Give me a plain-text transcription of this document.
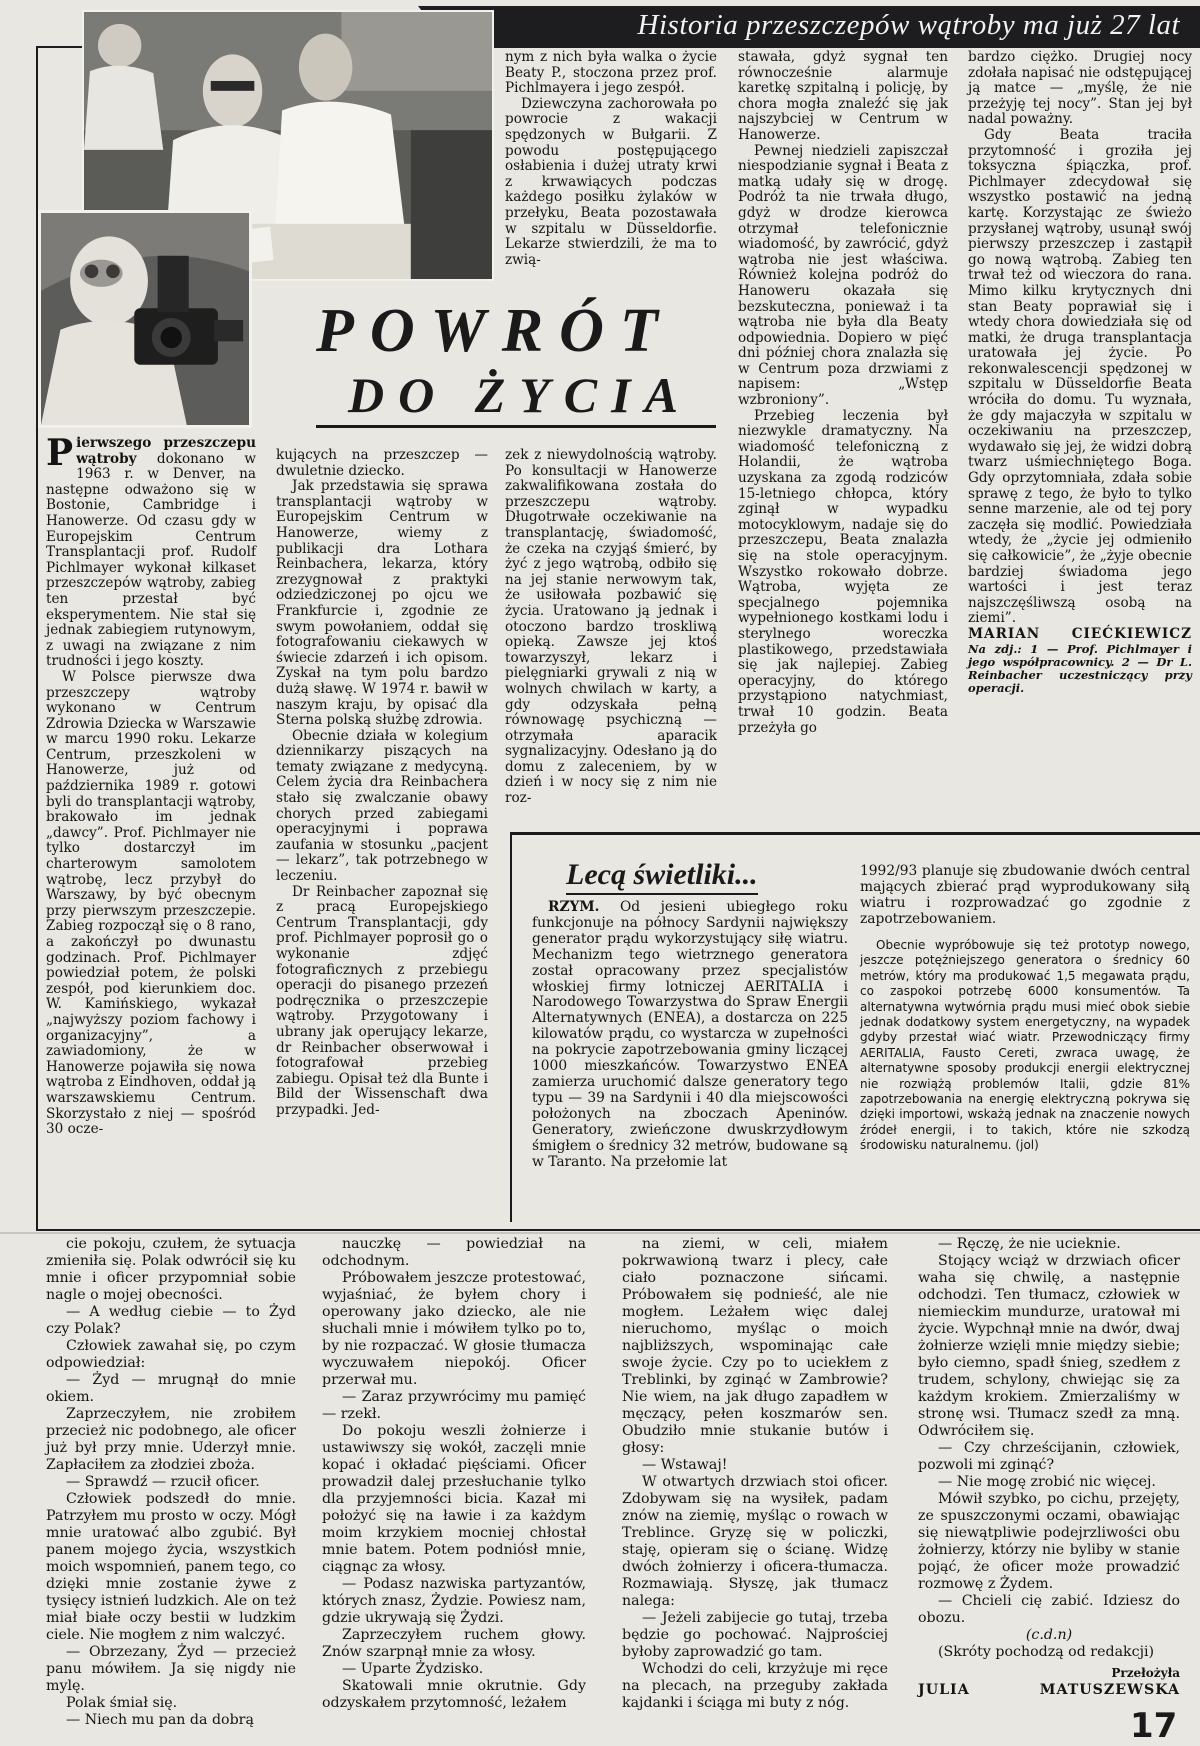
Historia przeszczepów wątroby ma już 27 lat
POWRÓT
DO ŻYCIA

Pierwszego przeszczepu wątroby dokonano w 1963 r. w Denver, na następne odważono się w Bostonie, Cambridge i Hanowerze. Od czasu gdy w Europejskim Centrum Transplantacji prof. Rudolf Pichlmayer wykonał kilkaset przeszczepów wątroby, zabieg ten przestał być eksperymentem. Nie stał się jednak zabiegiem rutynowym, z uwagi na związane z nim trudności i jego koszty.

W Polsce pierwsze dwa przeszczepy wątroby wykonano w Centrum Zdrowia Dziecka w Warszawie w marcu 1990 roku. Lekarze Centrum, przeszkoleni w Hanowerze, już od października 1989 r. gotowi byli do transplantacji wątroby, brakowało im jednak „dawcy”. Prof. Pichlmayer nie tylko dostarczył im charterowym samolotem wątrobę, lecz przybył do Warszawy, by być obecnym przy pierwszym przeszczepie. Zabieg rozpoczął się o 8 rano, a zakończył po dwunastu godzinach. Prof. Pichlmayer powiedział potem, że polski zespół, pod kierunkiem doc. W. Kamińskiego, wykazał „najwyższy poziom fachowy i organizacyjny”, a zawiadomiony, że w Hanowerze pojawiła się nowa wątroba z Eindhoven, oddał ją warszawskiemu Centrum. Skorzystało z niej — spośród 30 ocze-

kujących na przeszczep — dwuletnie dziecko.

Jak przedstawia się sprawa transplantacji wątroby w Europejskim Centrum w Hanowerze, wiemy z publikacji dra Lothara Reinbachera, lekarza, który zrezygnował z praktyki odziedziczonej po ojcu we Frankfurcie i, zgodnie ze swym powołaniem, oddał się fotografowaniu ciekawych w świecie zdarzeń i ich opisom. Zyskał na tym polu bardzo dużą sławę. W 1974 r. bawił w naszym kraju, by opisać dla Sterna polską służbę zdrowia.

Obecnie działa w kolegium dziennikarzy piszących na tematy związane z medycyną. Celem życia dra Reinbachera stało się zwalczanie obawy chorych przed zabiegami operacyjnymi i poprawa zaufania w stosunku „pacjent — lekarz”, tak potrzebnego w leczeniu.

Dr Reinbacher zapoznał się z pracą Europejskiego Centrum Transplantacji, gdy prof. Pichlmayer poprosił go o wykonanie zdjęć fotograficznych z przebiegu operacji do pisanego przezeń podręcznika o przeszczepie wątroby. Przygotowany i ubrany jak operujący lekarze, dr Reinbacher obserwował i fotografował przebieg zabiegu. Opisał też dla Bunte i Bild der Wissenschaft dwa przypadki. Jed-

nym z nich była walka o życie Beaty P., stoczona przez prof. Pichlmayera i jego zespół.

Dziewczyna zachorowała po powrocie z wakacji spędzonych w Bułgarii. Z powodu postępującego osłabienia i dużej utraty krwi z krwawiących podczas każdego posiłku żylaków w przełyku, Beata pozostawała w szpitalu w Düsseldorfie. Lekarze stwierdzili, że ma to zwią-

zek z niewydolnością wątroby. Po konsultacji w Hanowerze zakwalifikowana została do przeszczepu wątroby. Długotrwałe oczekiwanie na transplantację, świadomość, że czeka na czyjąś śmierć, by żyć z jego wątrobą, odbiło się na jej stanie nerwowym tak, że usiłowała pozbawić się życia. Uratowano ją jednak i otoczono bardzo troskliwą opieką. Zawsze jej ktoś towarzyszył, lekarz i pielęgniarki grywali z nią w wolnych chwilach w karty, a gdy odzyskała pełną równowagę psychiczną — otrzymała aparacik sygnalizacyjny. Odesłano ją do domu z zaleceniem, by w dzień i w nocy się z nim nie roz-

stawała, gdyż sygnał ten równocześnie alarmuje karetkę szpitalną i policję, by chora mogła znaleźć się jak najszybciej w Centrum w Hanowerze.

Pewnej niedzieli zapiszczał niespodzianie sygnał i Beata z matką udały się w drogę. Podróż ta nie trwała długo, gdyż w drodze kierowca otrzymał telefonicznie wiadomość, by zawrócić, gdyż wątroba nie jest właściwa. Również kolejna podróż do Hanoweru okazała się bezskuteczna, ponieważ i ta wątroba nie była dla Beaty odpowiednia. Dopiero w pięć dni później chora znalazła się w Centrum poza drzwiami z napisem: „Wstęp wzbroniony”.

Przebieg leczenia był niezwykle dramatyczny. Na wiadomość telefoniczną z Holandii, że wątroba uzyskana za zgodą rodziców 15-letniego chłopca, który zginął w wypadku motocyklowym, nadaje się do przeszczepu, Beata znalazła się na stole operacyjnym. Wszystko rokowało dobrze. Wątroba, wyjęta ze specjalnego pojemnika wypełnionego kostkami lodu i sterylnego woreczka plastikowego, przedstawiała się jak najlepiej. Zabieg operacyjny, do którego przystąpiono natychmiast, trwał 10 godzin. Beata przeżyła go

bardzo ciężko. Drugiej nocy zdołała napisać nie odstępującej ją matce — „myślę, że nie przeżyję tej nocy”. Stan jej był nadal poważny.

Gdy Beata traciła przytomność i groziła jej toksyczna śpiączka, prof. Pichlmayer zdecydował się wszystko postawić na jedną kartę. Korzystając ze świeżo przysłanej wątroby, usunął swój pierwszy przeszczep i zastąpił go nową wątrobą. Zabieg ten trwał też od wieczora do rana. Mimo kilku krytycznych dni stan Beaty poprawiał się i wtedy chora dowiedziała się od matki, że druga transplantacja uratowała jej życie. Po rekonwalescencji spędzonej w szpitalu w Düsseldorfie Beata wróciła do domu. Tu wyznała, że gdy majaczyła w szpitalu w oczekiwaniu na przeszczep, wydawało się jej, że widzi dobrą twarz uśmiechniętego Boga. Gdy oprzytomniała, zdała sobie sprawę z tego, że było to tylko senne marzenie, ale od tej pory zaczęła się modlić. Powiedziała wtedy, że „życie jej odmieniło się całkowicie”, że „żyje obecnie bardziej świadoma jego wartości i jest teraz najszczęśliwszą osobą na ziemi”.

MARIAN CIEĆKIEWICZ

Na zdj.: 1 — Prof. Pichlmayer i jego współpracownicy. 2 — Dr L. Reinbacher uczestniczący przy operacji.

Lecą świetliki...

RZYM. Od jesieni ubiegłego roku funkcjonuje na północy Sardynii największy generator prądu wykorzystujący siłę wiatru. Mechanizm tego wietrznego generatora został opracowany przez specjalistów włoskiej firmy lotniczej AERITALIA i Narodowego Towarzystwa do Spraw Energii Alternatywnych (ENEA), a dostarcza on 225 kilowatów prądu, co wystarcza w zupełności na pokrycie zapotrzebowania gminy liczącej 1000 mieszkańców. Towarzystwo ENEA zamierza uruchomić dalsze generatory tego typu — 39 na Sardynii i 40 dla miejscowości położonych na zboczach Apeninów. Generatory, zwieńczone dwuskrzydłowym śmigłem o średnicy 32 metrów, budowane są w Taranto. Na przełomie lat

1992/93 planuje się zbudowanie dwóch central mających zbierać prąd wyprodukowany siłą wiatru i rozprowadzać go zgodnie z zapotrzebowaniem.

Obecnie wypróbowuje się też prototyp nowego, jeszcze potężniejszego generatora o średnicy 60 metrów, który ma produkować 1,5 megawata prądu, co zaspokoi potrzebę 6000 konsumentów. Ta alternatywna wytwórnia prądu musi mieć obok siebie jednak dodatkowy system energetyczny, na wypadek gdyby przestał wiać wiatr. Przewodniczący firmy AERITALIA, Fausto Cereti, zwraca uwagę, że alternatywne sposoby produkcji energii elektrycznej nie rozwiążą problemów Italii, gdzie 81% zapotrzebowania na energię elektryczną pokrywa się dzięki importowi, wskażą jednak na znaczenie nowych źródeł energii, i to takich, które nie szkodzą środowisku naturalnemu. (jol)

cie pokoju, czułem, że sytuacja zmieniła się. Polak odwrócił się ku mnie i oficer przypomniał sobie nagle o mojej obecności.

— A według ciebie — to Żyd czy Polak?

Człowiek zawahał się, po czym odpowiedział:

— Żyd — mrugnął do mnie okiem.

Zaprzeczyłem, nie zrobiłem przecież nic podobnego, ale oficer już był przy mnie. Uderzył mnie. Zapłaciłem za złodziei zboża.

— Sprawdź — rzucił oficer.

Człowiek podszedł do mnie. Patrzyłem mu prosto w oczy. Mógł mnie uratować albo zgubić. Był panem mojego życia, wszystkich moich wspomnień, panem tego, co dzięki mnie zostanie żywe z tysięcy istnień ludzkich. Ale on też miał białe oczy bestii w ludzkim ciele. Nie mogłem z nim walczyć.

— Obrzezany, Żyd — przecież panu mówiłem. Ja się nigdy nie mylę.

Polak śmiał się.

— Niech mu pan da dobrą

nauczkę — powiedział na odchodnym.

Próbowałem jeszcze protestować, wyjaśniać, że byłem chory i operowany jako dziecko, ale nie słuchali mnie i mówiłem tylko po to, by nie rozpaczać. W głosie tłumacza wyczuwałem niepokój. Oficer przerwał mu.

— Zaraz przywrócimy mu pamięć — rzekł.

Do pokoju weszli żołnierze i ustawiwszy się wokół, zaczęli mnie kopać i okładać pięściami. Oficer prowadził dalej przesłuchanie tylko dla przyjemności bicia. Kazał mi położyć się na ławie i za każdym moim krzykiem mocniej chłostał mnie batem. Potem podniósł mnie, ciągnąc za włosy.

— Podasz nazwiska partyzantów, których znasz, Żydzie. Powiesz nam, gdzie ukrywają się Żydzi.

Zaprzeczyłem ruchem głowy. Znów szarpnął mnie za włosy.

— Uparte Żydzisko.

Skatowali mnie okrutnie. Gdy odzyskałem przytomność, leżałem

na ziemi, w celi, miałem pokrwawioną twarz i plecy, całe ciało poznaczone sińcami. Próbowałem się podnieść, ale nie mogłem. Leżałem więc dalej nieruchomo, myśląc o moich najbliższych, wspominając całe swoje życie. Czy po to uciekłem z Treblinki, by zginąć w Zambrowie? Nie wiem, na jak długo zapadłem w męczący, pełen koszmarów sen. Obudziło mnie stukanie butów i głosy:

— Wstawaj!

W otwartych drzwiach stoi oficer. Zdobywam się na wysiłek, padam znów na ziemię, myśląc o rowach w Treblince. Gryzę się w policzki, staję, opieram się o ścianę. Widzę dwóch żołnierzy i oficera-tłumacza. Rozmawiają. Słyszę, jak tłumacz nalega:

— Jeżeli zabijecie go tutaj, trzeba będzie go pochować. Najprościej byłoby zaprowadzić go tam.

Wchodzi do celi, krzyżuje mi ręce na plecach, na przeguby zakłada kajdanki i ściąga mi buty z nóg.

— Ręczę, że nie ucieknie.

Stojący wciąż w drzwiach oficer waha się chwilę, a następnie odchodzi. Ten tłumacz, człowiek w niemieckim mundurze, uratował mi życie. Wypchnął mnie na dwór, dwaj żołnierze wzięli mnie między siebie; było ciemno, spadł śnieg, szedłem z trudem, schylony, chwiejąc się za każdym krokiem. Zmierzaliśmy w stronę wsi. Tłumacz szedł za mną. Odwróciłem się.

— Czy chrześcijanin, człowiek, pozwoli mi zginąć?

— Nie mogę zrobić nic więcej.

Mówił szybko, po cichu, przejęty, ze spuszczonymi oczami, obawiając się niewątpliwie podejrzliwości obu żołnierzy, którzy nie byliby w stanie pojąć, że oficer może prowadzić rozmowę z Żydem.

— Chcieli cię zabić. Idziesz do obozu.

(c.d.n)

(Skróty pochodzą od redakcji)

JULIA
Przełożyła
MATUSZEWSKA
17
